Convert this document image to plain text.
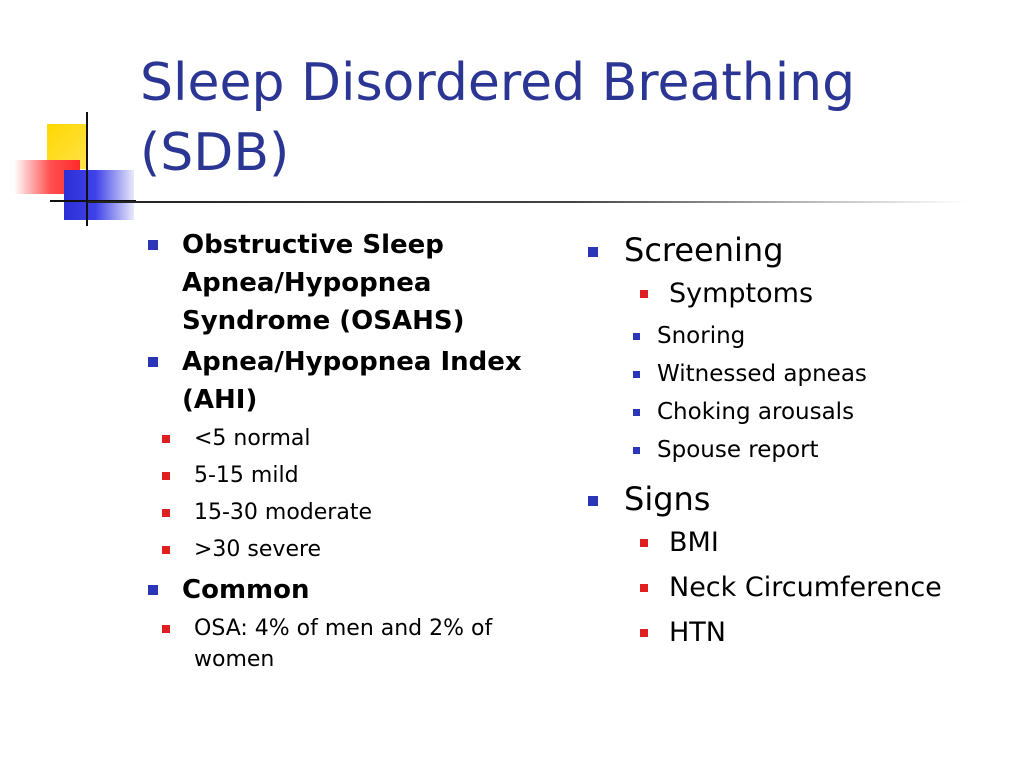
Sleep Disordered Breathing
(SDB)
Obstructive Sleep Apnea/Hypopnea Syndrome (OSAHS)
Apnea/Hypopnea Index (AHI)
<5 normal
5-15 mild
15-30 moderate
>30 severe
Common
OSA: 4% of men and 2% of women
Screening
Symptoms
Snoring
Witnessed apneas
Choking arousals
Spouse report
Signs
BMI
Neck Circumference
HTN
